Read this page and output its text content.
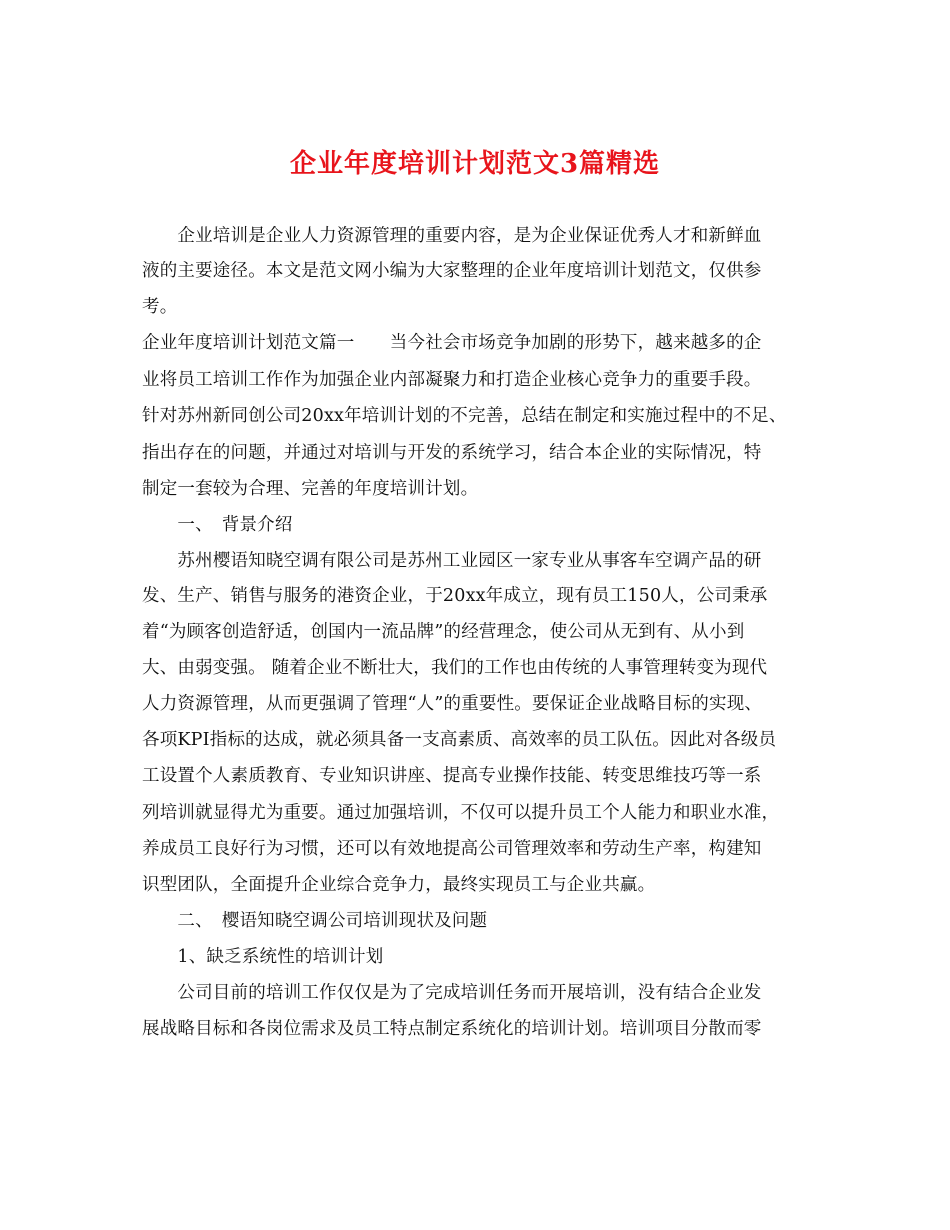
企业年度培训计划范文3篇精选
　　企业培训是企业人力资源管理的重要内容，是为企业保证优秀人才和新鲜血
液的主要途径。本文是范文网小编为大家整理的企业年度培训计划范文，仅供参
考。
企业年度培训计划范文篇一　　当今社会市场竞争加剧的形势下，越来越多的企
业将员工培训工作作为加强企业内部凝聚力和打造企业核心竞争力的重要手段。
针对苏州新同创公司20xx年培训计划的不完善，总结在制定和实施过程中的不足、
指出存在的问题，并通过对培训与开发的系统学习，结合本企业的实际情况，特
制定一套较为合理、完善的年度培训计划。
　　一、　背景介绍
　　苏州樱语知晓空调有限公司是苏州工业园区一家专业从事客车空调产品的研
发、生产、销售与服务的港资企业，于20xx年成立，现有员工150人，公司秉承
着“为顾客创造舒适，创国内一流品牌”的经营理念，使公司从无到有、从小到
大、由弱变强。 随着企业不断壮大，我们的工作也由传统的人事管理转变为现代
人力资源管理，从而更强调了管理“人”的重要性。要保证企业战略目标的实现、
各项KPI指标的达成，就必须具备一支高素质、高效率的员工队伍。因此对各级员
工设置个人素质教育、专业知识讲座、提高专业操作技能、转变思维技巧等一系
列培训就显得尤为重要。通过加强培训，不仅可以提升员工个人能力和职业水准，
养成员工良好行为习惯，还可以有效地提高公司管理效率和劳动生产率，构建知
识型团队，全面提升企业综合竞争力，最终实现员工与企业共赢。
　　二、　樱语知晓空调公司培训现状及问题
　　1、缺乏系统性的培训计划
　　公司目前的培训工作仅仅是为了完成培训任务而开展培训，没有结合企业发
展战略目标和各岗位需求及员工特点制定系统化的培训计划。培训项目分散而零
